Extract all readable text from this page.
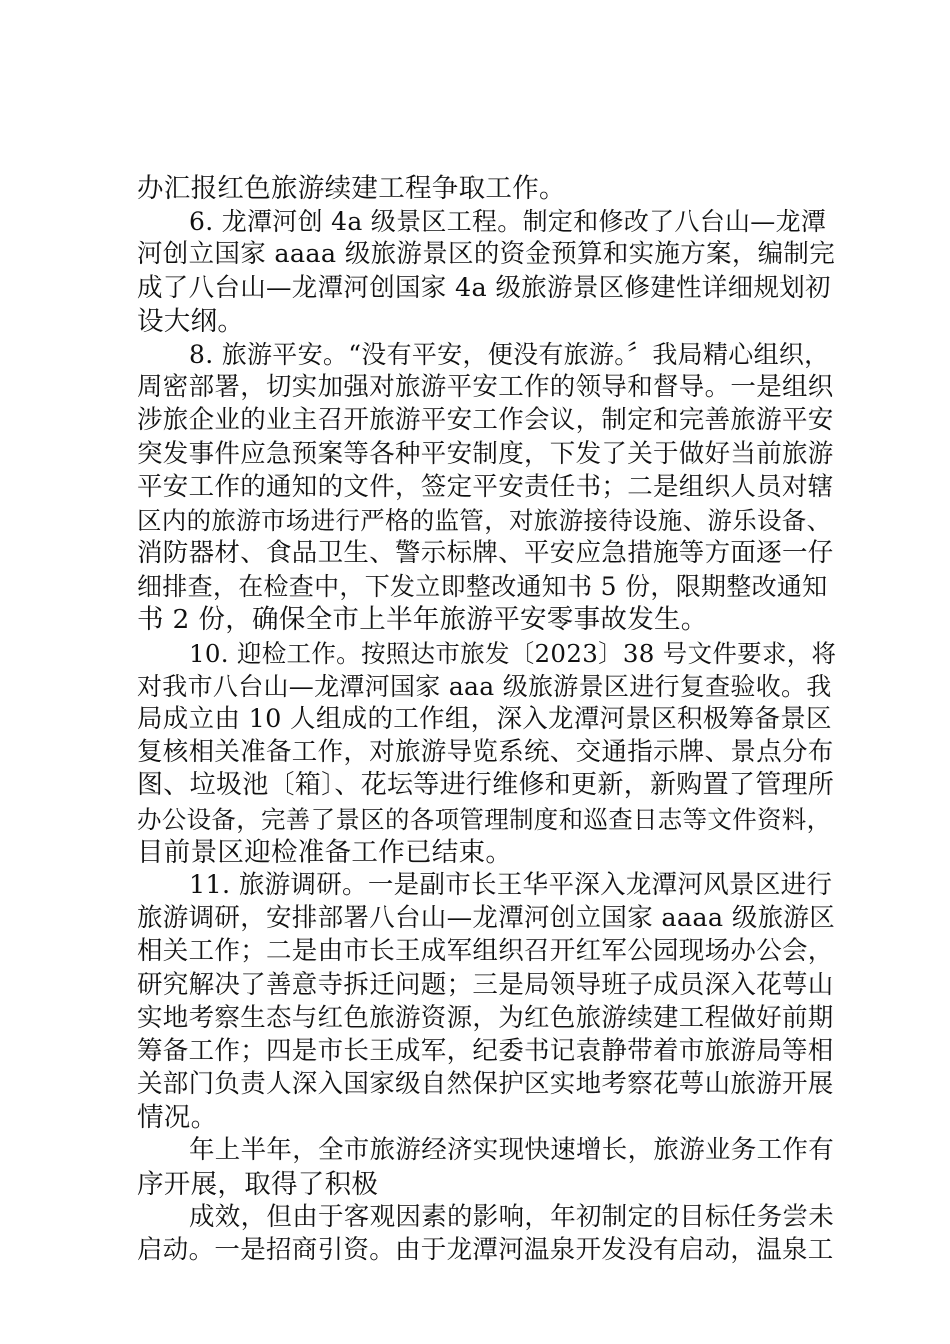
办汇报红色旅游续建工程争取工作。
6. 龙潭河创 4a 级景区工程。制定和修改了八台山—龙潭
河创立国家 aaaa 级旅游景区的资金预算和实施方案，编制完
成了八台山—龙潭河创国家 4a 级旅游景区修建性详细规划初
设大纲。
8. 旅游平安。“没有平安，便没有旅游。〞我局精心组织，
周密部署，切实加强对旅游平安工作的领导和督导。一是组织
涉旅企业的业主召开旅游平安工作会议，制定和完善旅游平安
突发事件应急预案等各种平安制度，下发了关于做好当前旅游
平安工作的通知的文件，签定平安责任书；二是组织人员对辖
区内的旅游市场进行严格的监管，对旅游接待设施、游乐设备、
消防器材、食品卫生、警示标牌、平安应急措施等方面逐一仔
细排查，在检查中，下发立即整改通知书 5 份，限期整改通知
书 2 份，确保全市上半年旅游平安零事故发生。
10. 迎检工作。按照达市旅发〔2023〕38 号文件要求，将
对我市八台山—龙潭河国家 aaa 级旅游景区进行复查验收。我
局成立由 10 人组成的工作组，深入龙潭河景区积极筹备景区
复核相关准备工作，对旅游导览系统、交通指示牌、景点分布
图、垃圾池〔箱〕、花坛等进行维修和更新，新购置了管理所
办公设备，完善了景区的各项管理制度和巡查日志等文件资料，
目前景区迎检准备工作已结束。
11. 旅游调研。一是副市长王华平深入龙潭河风景区进行
旅游调研，安排部署八台山—龙潭河创立国家 aaaa 级旅游区
相关工作；二是由市长王成军组织召开红军公园现场办公会，
研究解决了善意寺拆迁问题；三是局领导班子成员深入花萼山
实地考察生态与红色旅游资源，为红色旅游续建工程做好前期
筹备工作；四是市长王成军，纪委书记袁静带着市旅游局等相
关部门负责人深入国家级自然保护区实地考察花萼山旅游开展
情况。
年上半年，全市旅游经济实现快速增长，旅游业务工作有
序开展，取得了积极
成效，但由于客观因素的影响，年初制定的目标任务尝未
启动。一是招商引资。由于龙潭河温泉开发没有启动，温泉工
